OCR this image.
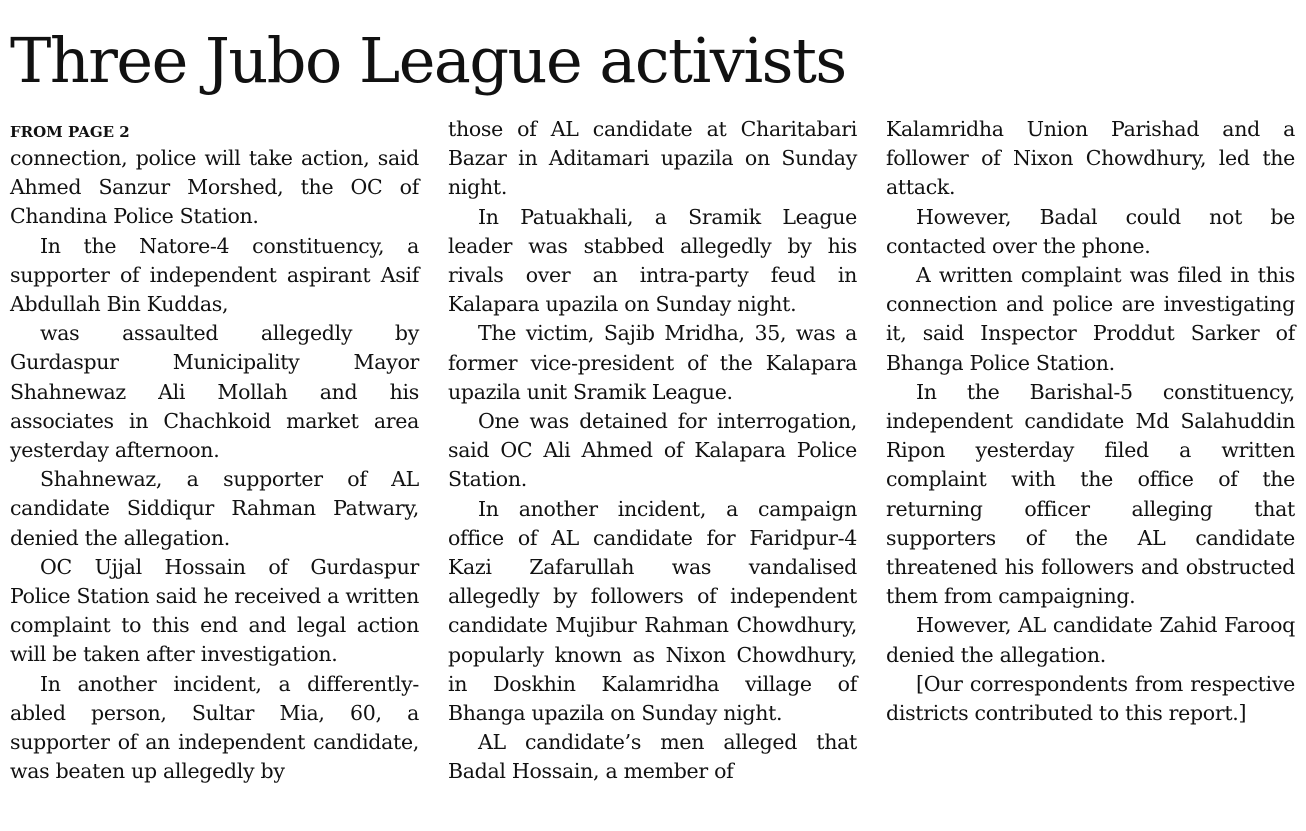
Three Jubo League activists
FROM PAGE 2

connection, police will take action, said Ahmed Sanzur Morshed, the OC of Chandina Police Station.

In the Natore-4 constituency, a supporter of independent aspirant Asif Abdullah Bin Kuddas,

was assaulted allegedly by Gurdaspur Municipality Mayor Shahnewaz Ali Mollah and his associates in Chachkoid market area yesterday afternoon.

Shahnewaz, a supporter of AL candidate Siddiqur Rahman Patwary, denied the allegation.

OC Ujjal Hossain of Gurdaspur Police Station said he received a written complaint to this end and legal action will be taken after investigation.

In another incident, a differently-abled person, Sultar Mia, 60, a supporter of an independent candidate, was beaten up allegedly by

those of AL candidate at Charitabari Bazar in Aditamari upazila on Sunday night.

In Patuakhali, a Sramik League leader was stabbed allegedly by his rivals over an intra-party feud in Kalapara upazila on Sunday night.

The victim, Sajib Mridha, 35, was a former vice-president of the Kalapara upazila unit Sramik League.

One was detained for interrogation, said OC Ali Ahmed of Kalapara Police Station.

In another incident, a campaign office of AL candidate for Faridpur-4 Kazi Zafarullah was vandalised allegedly by followers of independent candidate Mujibur Rahman Chowdhury, popularly known as Nixon Chowdhury, in Doskhin Kalamridha village of Bhanga upazila on Sunday night.

AL candidate’s men alleged that Badal Hossain, a member of

Kalamridha Union Parishad and a follower of Nixon Chowdhury, led the attack.

However, Badal could not be contacted over the phone.

A written complaint was filed in this connection and police are investigating it, said Inspector Proddut Sarker of Bhanga Police Station.

In the Barishal-5 constituency, independent candidate Md Salahuddin Ripon yesterday filed a written complaint with the office of the returning officer alleging that supporters of the AL candidate threatened his followers and obstructed them from campaigning.

However, AL candidate Zahid Farooq denied the allegation.

[Our correspondents from respective districts contributed to this report.]
